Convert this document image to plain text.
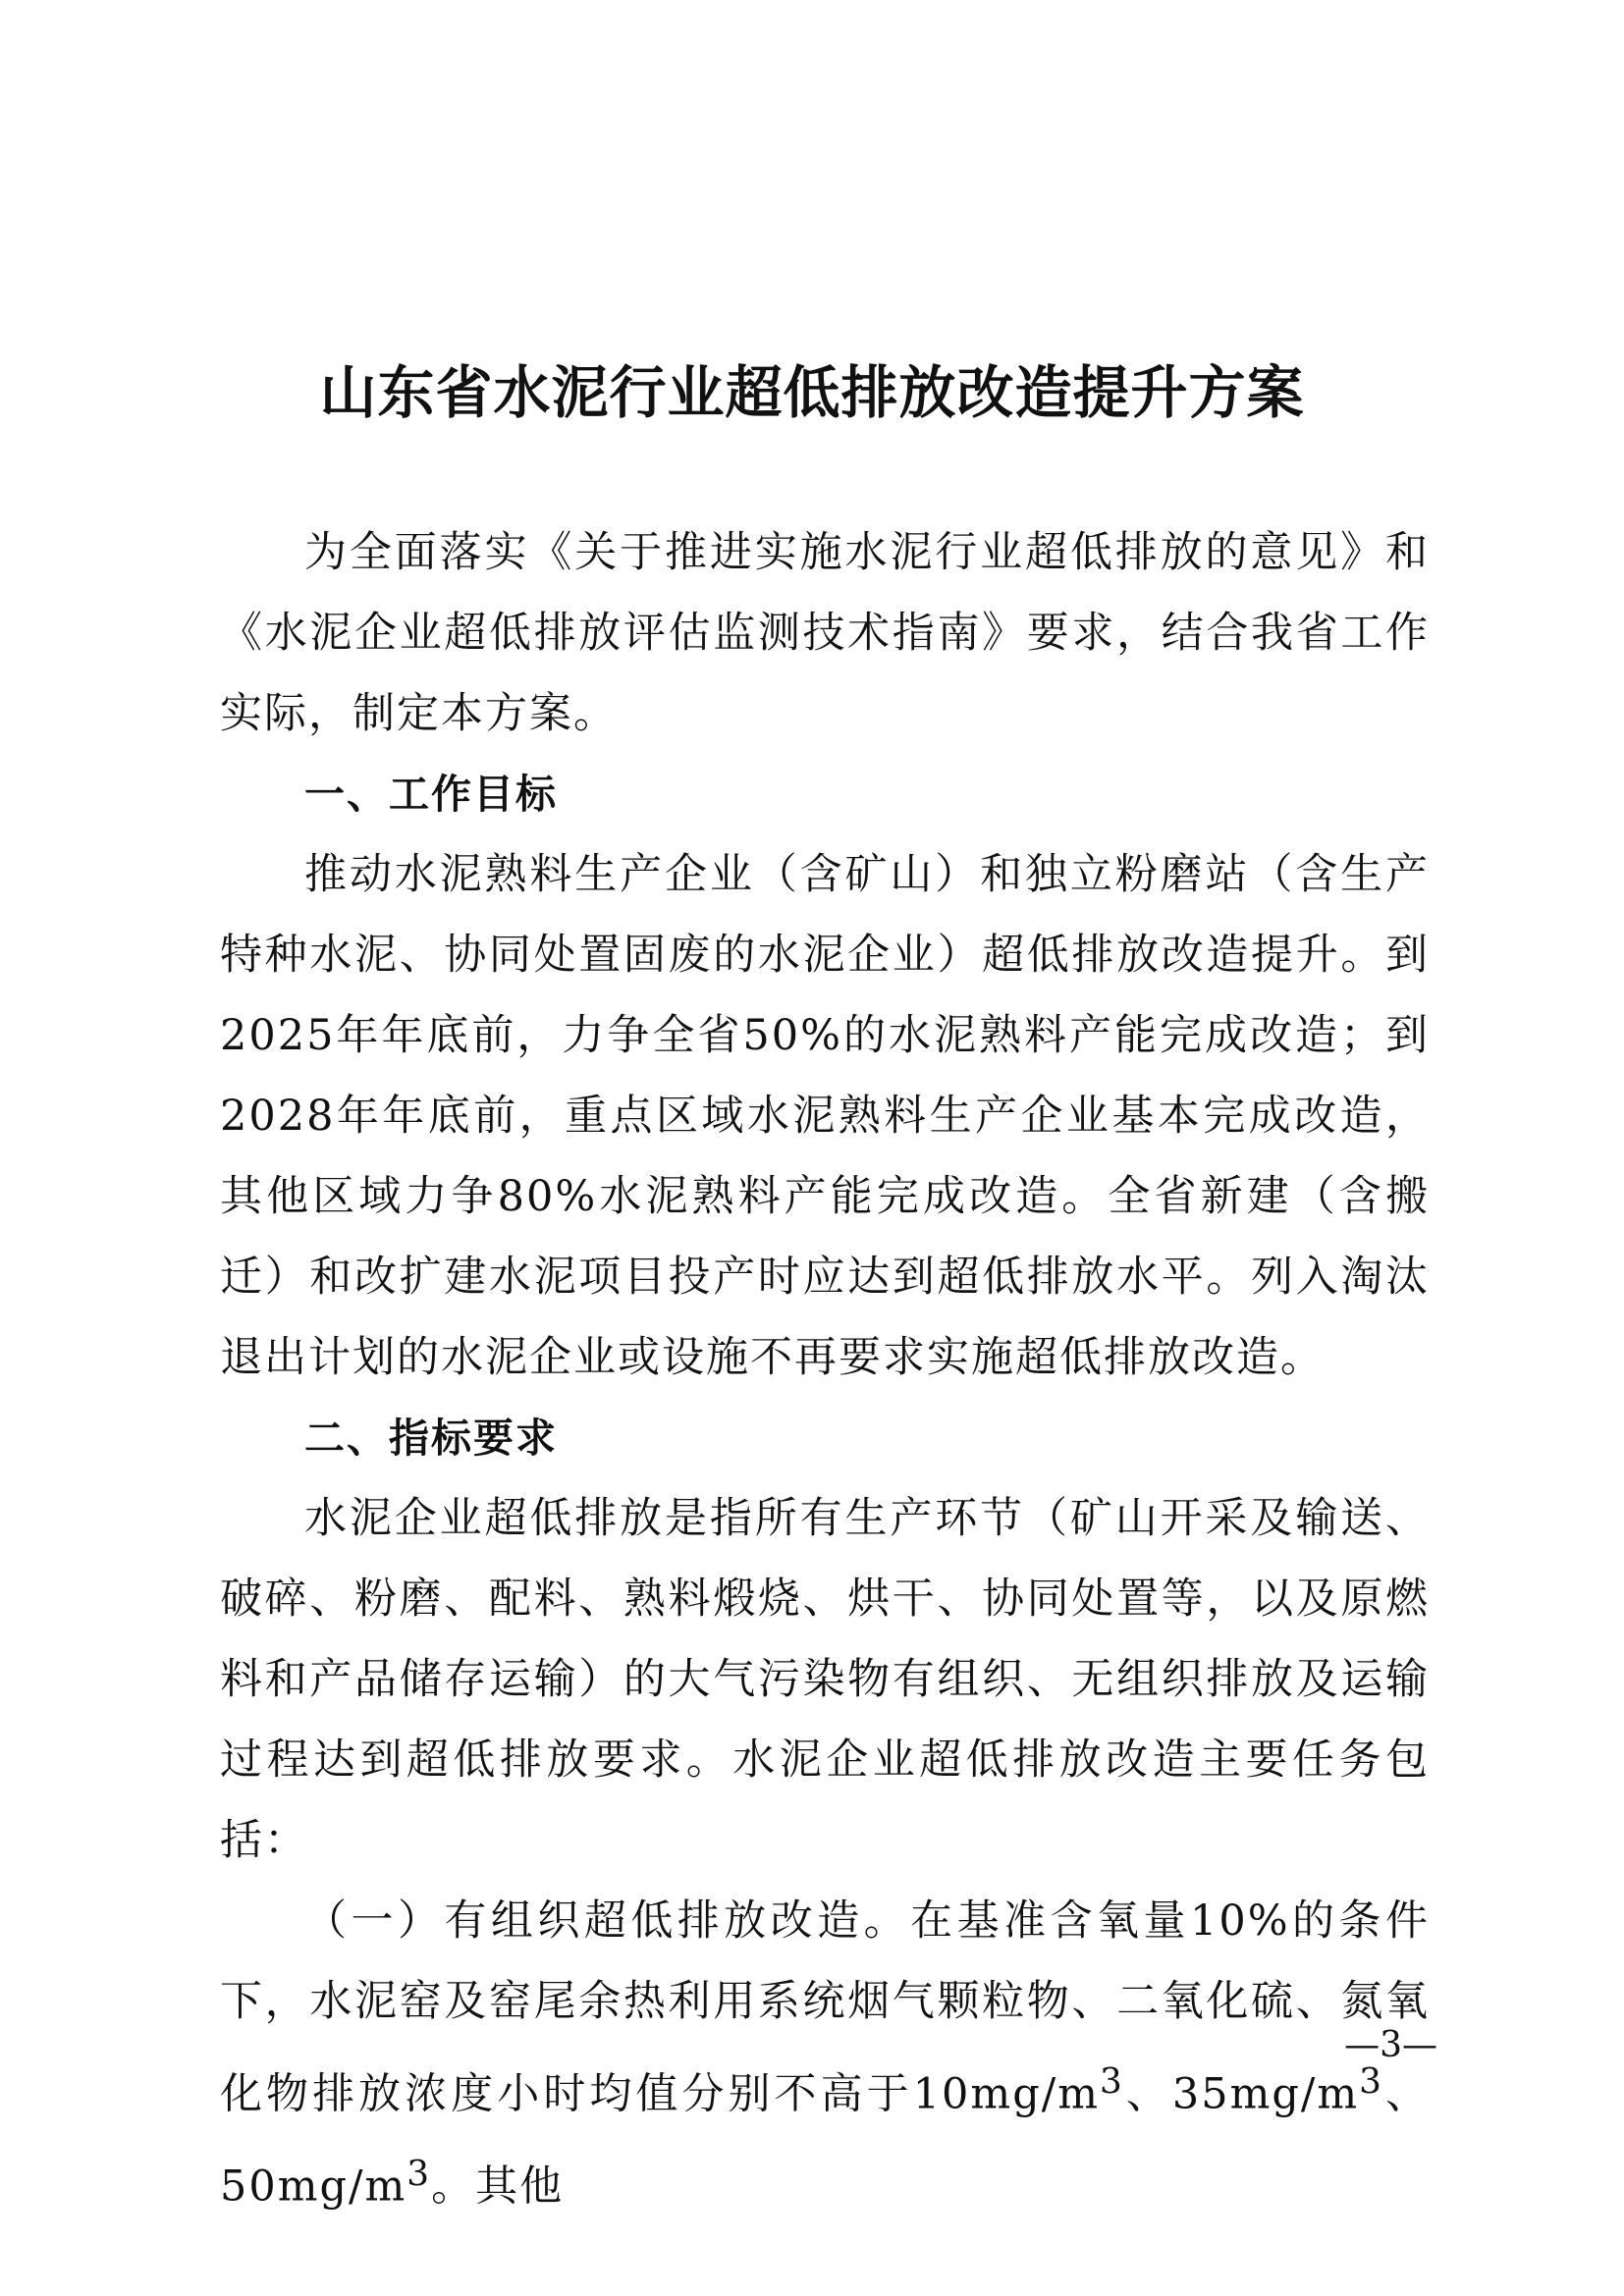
山东省水泥行业超低排放改造提升方案

为全面落实《关于推进实施水泥行业超低排放的意见》和《水泥企业超低排放评估监测技术指南》要求，结合我省工作实际，制定本方案。

一、工作目标

推动水泥熟料生产企业（含矿山）和独立粉磨站（含生产特种水泥、协同处置固废的水泥企业）超低排放改造提升。到2025年年底前，力争全省50%的水泥熟料产能完成改造；到2028年年底前，重点区域水泥熟料生产企业基本完成改造，其他区域力争80%水泥熟料产能完成改造。全省新建（含搬迁）和改扩建水泥项目投产时应达到超低排放水平。列入淘汰退出计划的水泥企业或设施不再要求实施超低排放改造。

二、指标要求

水泥企业超低排放是指所有生产环节（矿山开采及输送、破碎、粉磨、配料、熟料煅烧、烘干、协同处置等，以及原燃料和产品储存运输）的大气污染物有组织、无组织排放及运输过程达到超低排放要求。水泥企业超低排放改造主要任务包括：

（一）有组织超低排放改造。在基准含氧量10%的条件下，水泥窑及窑尾余热利用系统烟气颗粒物、二氧化硫、氮氧化物排放浓度小时均值分别不高于$10mg/m^3$、$35mg/m^3$、$50mg/m^3$。其他

—3—
